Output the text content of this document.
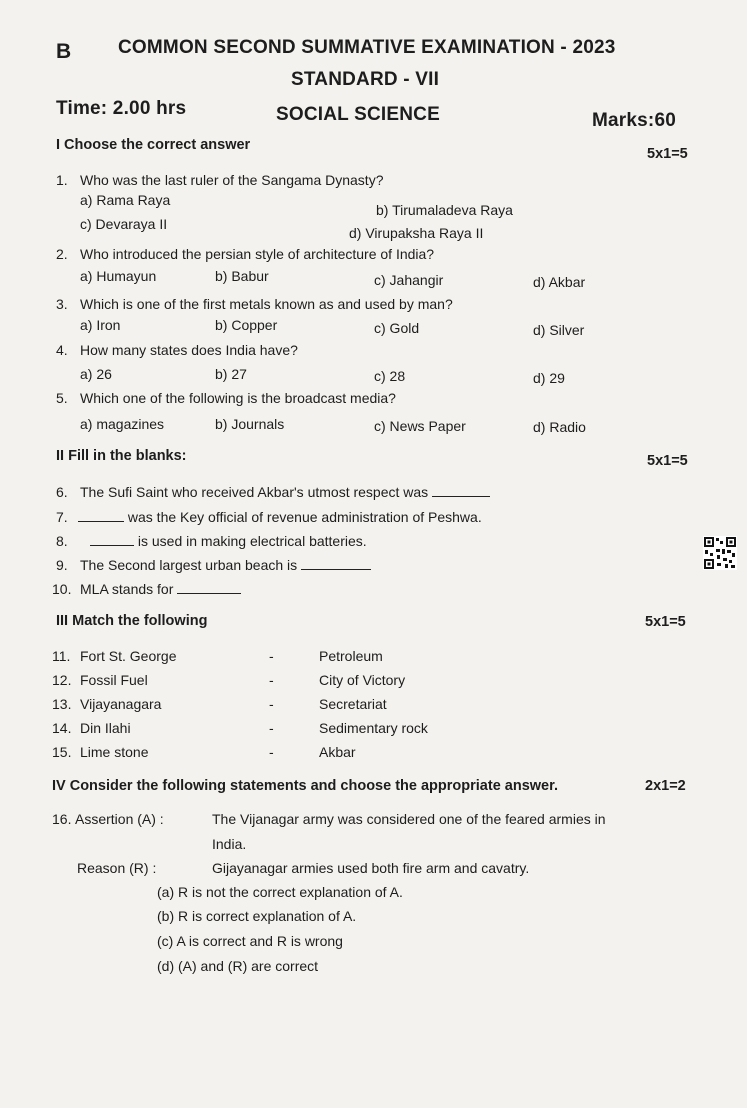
B COMMON SECOND SUMMATIVE EXAMINATION - 2023
STANDARD - VII
Time: 2.00 hrs	SOCIAL SCIENCE	Marks:60
I Choose the correct answer
5x1=5
1. Who was the last ruler of the Sangama Dynasty?
a) Rama Raya
b) Tirumaladeva Raya
c) Devaraya II
d) Virupaksha Raya II
2. Who introduced the persian style of architecture of India?
a) Humayun	b) Babur	c) Jahangir	d) Akbar
3. Which is one of the first metals known as and used by man?
a) Iron	b) Copper	c) Gold	d) Silver
4. How many states does India have?
a) 26	b) 27	c) 28	d) 29
5. Which one of the following is the broadcast media?
a) magazines	b) Journals	c) News Paper	d) Radio
II Fill in the blanks:	5x1=5
6. The Sufi Saint who received Akbar's utmost respect was
7.	was the Key official of revenue administration of Peshwa.
8.	is used in making electrical batteries.
9. The Second largest urban beach is
10. MLA stands for
III Match the following	5x1=5
11. Fort St. George	-	Petroleum
12. Fossil Fuel	-	City of Victory
13. Vijayanagara	-	Secretariat
14. Din Ilahi	-	Sedimentary rock
15. Lime stone	-	Akbar
IV Consider the following statements and choose the appropriate answer.	2x1=2
16. Assertion (A) :	The Vijanagar army was considered one of the feared armies in
India.
Reason (R) :	Gijayanagar armies used both fire arm and cavatry.
(a) R is not the correct explanation of A.
(b) R is correct explanation of A.
(c) A is correct and R is wrong
(d) (A) and (R) are correct
